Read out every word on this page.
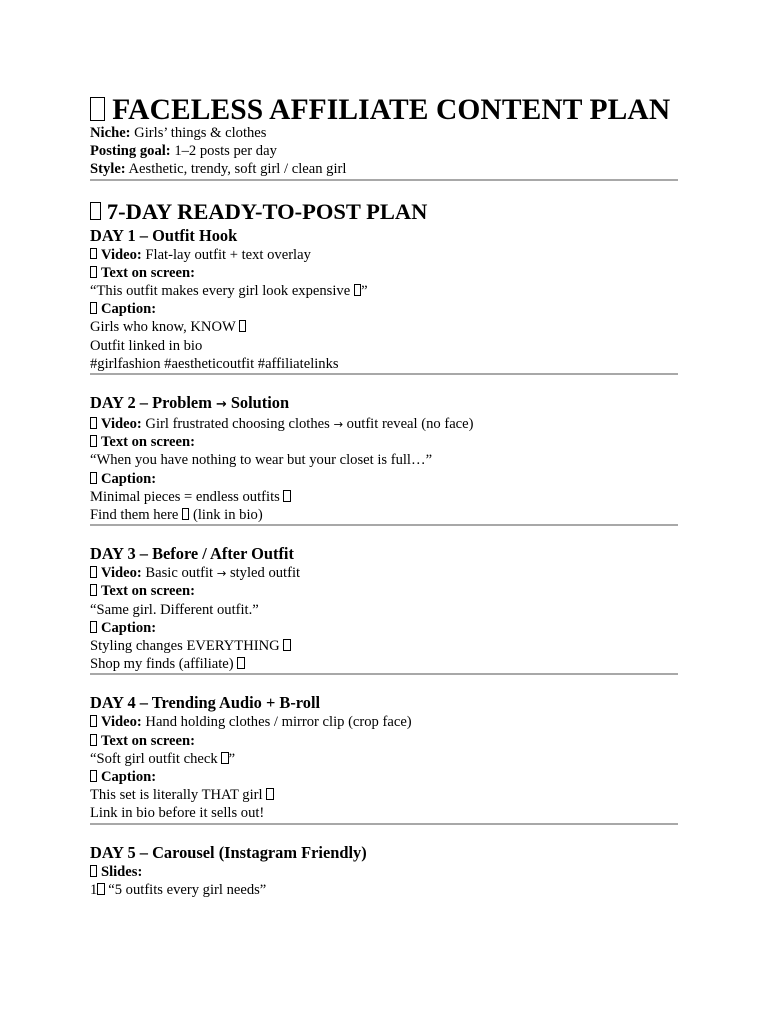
FACELESS AFFILIATE CONTENT PLAN
Niche: Girls’ things & clothes
Posting goal: 1–2 posts per day
Style: Aesthetic, trendy, soft girl / clean girl
7-DAY READY-TO-POST PLAN
DAY 1 – Outfit Hook
Video: Flat-lay outfit + text overlay
Text on screen:
“This outfit makes every girl look expensive ”
Caption:
Girls who know, KNOW
Outfit linked in bio
#girlfashion #aestheticoutfit #affiliatelinks
DAY 2 – Problem → Solution
Video: Girl frustrated choosing clothes → outfit reveal (no face)
Text on screen:
“When you have nothing to wear but your closet is full…”
Caption:
Minimal pieces = endless outfits
Find them here (link in bio)
DAY 3 – Before / After Outfit
Video: Basic outfit → styled outfit
Text on screen:
“Same girl. Different outfit.”
Caption:
Styling changes EVERYTHING
Shop my finds (affiliate)
DAY 4 – Trending Audio + B-roll
Video: Hand holding clothes / mirror clip (crop face)
Text on screen:
“Soft girl outfit check ”
Caption:
This set is literally THAT girl
Link in bio before it sells out!
DAY 5 – Carousel (Instagram Friendly)
Slides:
1 “5 outfits every girl needs”
